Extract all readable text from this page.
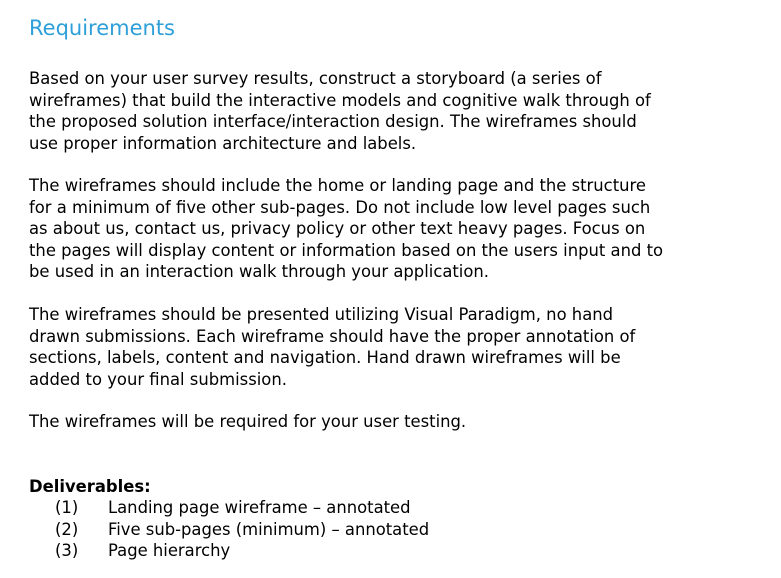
Requirements
Based on your user survey results, construct a storyboard (a series of
wireframes) that build the interactive models and cognitive walk through of
the proposed solution interface/interaction design. The wireframes should
use proper information architecture and labels.
The wireframes should include the home or landing page and the structure
for a minimum of five other sub-pages. Do not include low level pages such
as about us, contact us, privacy policy or other text heavy pages. Focus on
the pages will display content or information based on the users input and to
be used in an interaction walk through your application.
The wireframes should be presented utilizing Visual Paradigm, no hand
drawn submissions. Each wireframe should have the proper annotation of
sections, labels, content and navigation. Hand drawn wireframes will be
added to your final submission.
The wireframes will be required for your user testing.
Deliverables:
(1)	Landing page wireframe – annotated
(2)	Five sub-pages (minimum) – annotated
(3)	Page hierarchy
